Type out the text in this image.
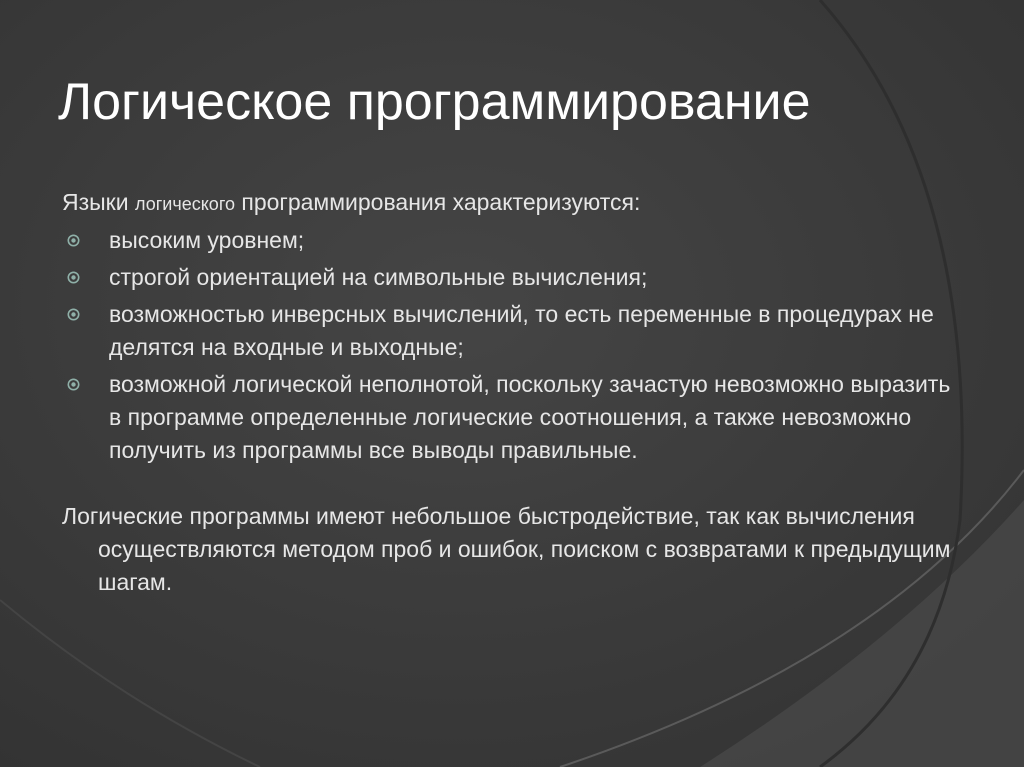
Логическое программирование

Языки логического программирования характеризуются:

высоким уровнем;
строгой ориентацией на символьные вычисления;
возможностью инверсных вычислений, то есть переменные в процедурах не делятся на входные и выходные;
возможной логической неполнотой, поскольку зачастую невозможно выразить в программе определенные логические соотношения, а также невозможно получить из программы все выводы правильные.

Логические программы имеют небольшое быстродействие, так как вычисления осуществляются методом проб и ошибок, поиском с возвратами к предыдущим шагам.
